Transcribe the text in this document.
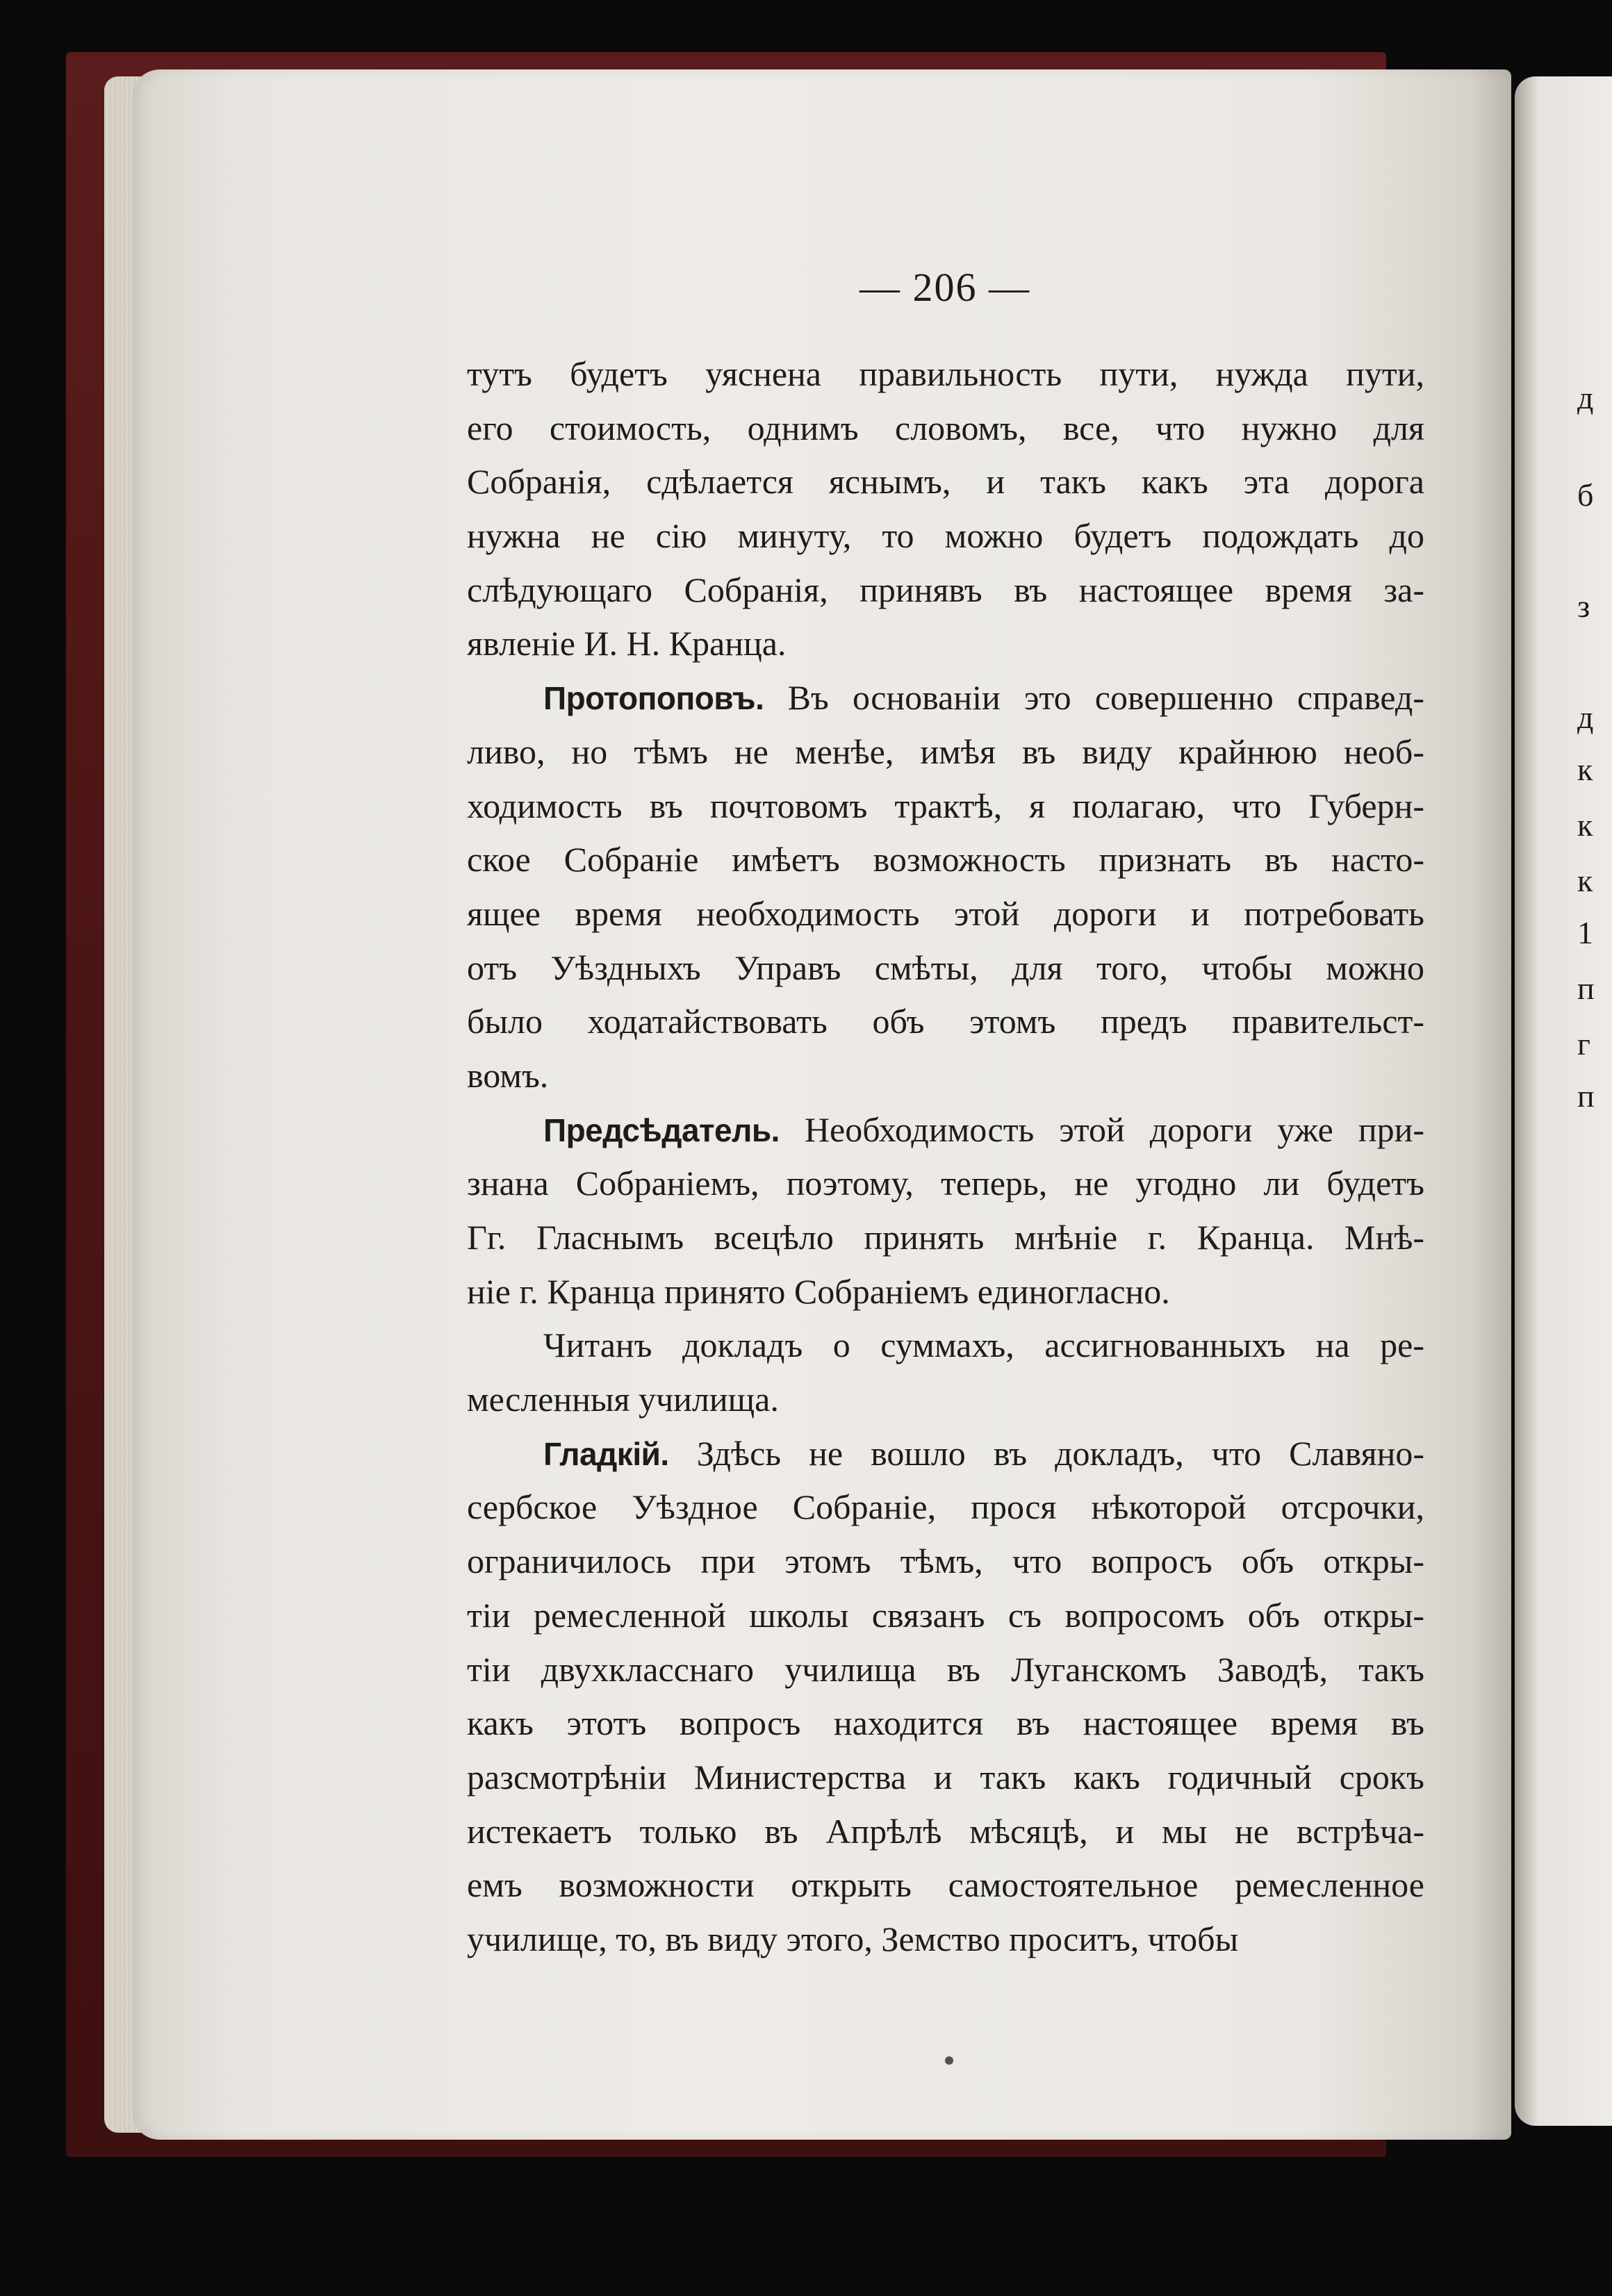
д
б
з
д
к
к
к
1
п
г
п
— 206 —
тутъ будетъ уяснена правильность пути, нужда пути,
его стоимость, однимъ словомъ, все, что нужно для
Собранія, сдѣлается яснымъ, и такъ какъ эта дорога
нужна не сію минуту, то можно будетъ подождать до
слѣдующаго Собранія, принявъ въ настоящее время за-
явленіе И. Н. Кранца.
Протопоповъ. Въ основаніи это совершенно справед-
ливо, но тѣмъ не менѣе, имѣя въ виду крайнюю необ-
ходимость въ почтовомъ трактѣ, я полагаю, что Губерн-
ское Собраніе имѣетъ возможность признать въ насто-
ящее время необходимость этой дороги и потребовать
отъ Уѣздныхъ Управъ смѣты, для того, чтобы можно
было ходатайствовать объ этомъ предъ правительст-
вомъ.
Предсѣдатель. Необходимость этой дороги уже при-
знана Собраніемъ, поэтому, теперь, не угодно ли будетъ
Гг. Гласнымъ всецѣло принять мнѣніе г. Кранца. Мнѣ-
ніе г. Кранца принято Собраніемъ единогласно.
Читанъ докладъ о суммахъ, ассигнованныхъ на ре-
месленныя училища.
Гладкій. Здѣсь не вошло въ докладъ, что Славяно-
сербское Уѣздное Собраніе, прося нѣкоторой отсрочки,
ограничилось при этомъ тѣмъ, что вопросъ объ откры-
тіи ремесленной школы связанъ съ вопросомъ объ откры-
тіи двухкласснаго училища въ Луганскомъ Заводѣ, такъ
какъ этотъ вопросъ находится въ настоящее время въ
разсмотрѣніи Министерства и такъ какъ годичный срокъ
истекаетъ только въ Апрѣлѣ мѣсяцѣ, и мы не встрѣча-
емъ возможности открыть самостоятельное ремесленное
училище, то, въ виду этого, Земство проситъ, чтобы
